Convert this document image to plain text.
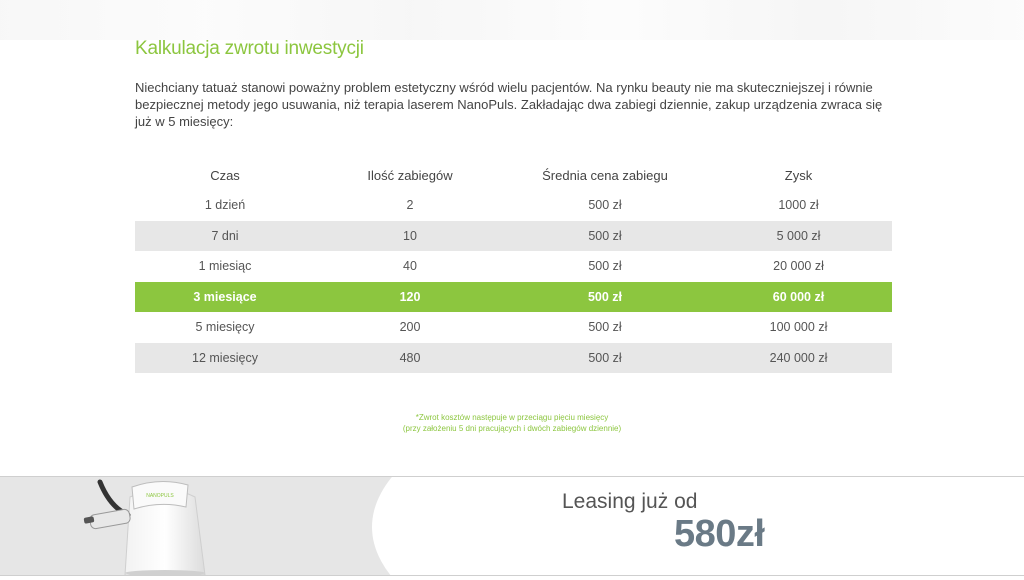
Kalkulacja zwrotu inwestycji

Niechciany tatuaż stanowi poważny problem estetyczny wśród wielu pacjentów. Na rynku beauty nie ma skuteczniejszej i równie bezpiecznej metody jego usuwania, niż terapia laserem NanoPuls. Zakładając dwa zabiegi dziennie, zakup urządzenia zwraca się już w 5 miesięcy:

Czas	Ilość zabiegów	Średnia cena zabiegu	Zysk
1 dzień	2	500 zł	1000 zł
7 dni	10	500 zł	5 000 zł
1 miesiąc	40	500 zł	20 000 zł
3 miesiące	120	500 zł	60 000 zł
5 miesięcy	200	500 zł	100 000 zł
12 miesięcy	480	500 zł	240 000 zł
*Zwrot kosztów następuje w przeciągu pięciu miesięcy
(przy założeniu 5 dni pracujących i dwóch zabiegów dziennie)
NANOPULS	Leasing już od
580zł
